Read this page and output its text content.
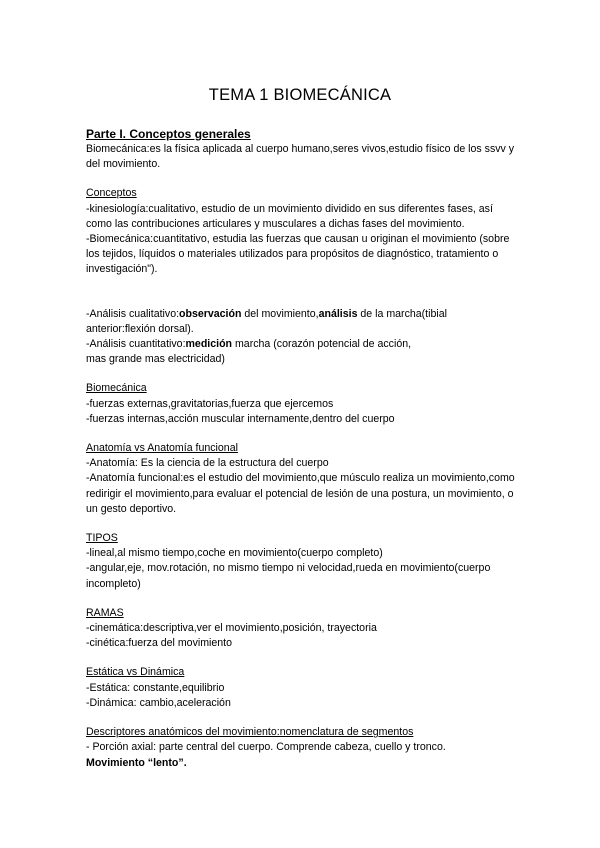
TEMA 1 BIOMECÁNICA

Parte I. Conceptos generales

Biomecánica:es la física aplicada al cuerpo humano,seres vivos,estudio físico de los ssvv y del movimiento.

Conceptos

-kinesiología:cualitativo, estudio de un movimiento dividido en sus diferentes fases, así como las contribuciones articulares y musculares a dichas fases del movimiento.

-Biomecánica:cuantitativo, estudia las fuerzas que causan u originan el movimiento (sobre los tejidos, líquidos o materiales utilizados para propósitos de diagnóstico, tratamiento o investigación").

-Análisis cualitativo:observación del movimiento,análisis de la marcha(tibial anterior:flexión dorsal).

-Análisis cuantitativo:medición marcha (corazón potencial de acción,

mas grande mas electricidad)

Biomecánica

-fuerzas externas,gravitatorias,fuerza que ejercemos

-fuerzas internas,acción muscular internamente,dentro del cuerpo

Anatomía vs Anatomía funcional

-Anatomía: Es la ciencia de la estructura del cuerpo

-Anatomía funcional:es el estudio del movimiento,que músculo realiza un movimiento,como redirigir el movimiento,para evaluar el potencial de lesión de una postura, un movimiento, o un gesto deportivo.

TIPOS

-lineal,al mismo tiempo,coche en movimiento(cuerpo completo)

-angular,eje, mov.rotación, no mismo tiempo ni velocidad,rueda en movimiento(cuerpo incompleto)

RAMAS

-cinemática:descriptiva,ver el movimiento,posición, trayectoria

-cinética:fuerza del movimiento

Estática vs Dinámica

-Estática: constante,equilibrio

-Dinámica: cambio,aceleración

Descriptores anatómicos del movimiento:nomenclatura de segmentos

- Porción axial: parte central del cuerpo. Comprende cabeza, cuello y tronco.

Movimiento “lento”.
